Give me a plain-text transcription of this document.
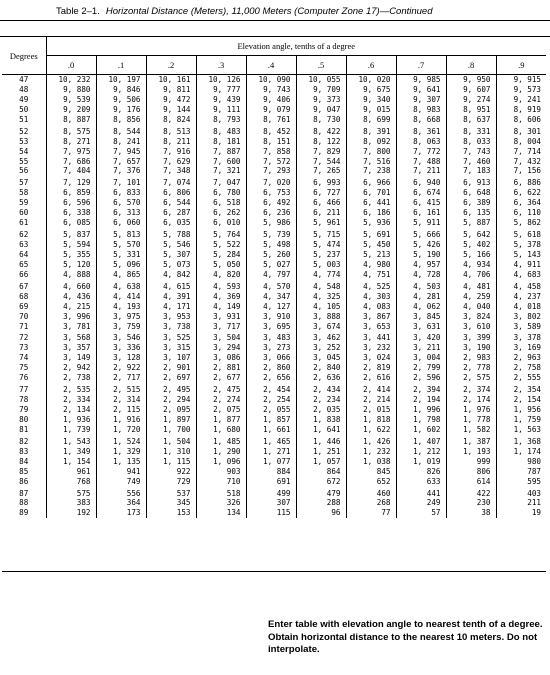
Table 2–1. Horizontal Distance (Meters), 11,000 Meters (Computer Zone 17)—Continued
Degrees	Elevation angle, tenths of a degree									
	.0	.1	.2	.3	.4	.5	.6	.7	.8	.9
47	10, 232	10, 197	10, 161	10, 126	10, 090	10, 055	10, 020	9, 985	9, 950	9, 915
48	9, 880	9, 846	9, 811	9, 777	9, 743	9, 709	9, 675	9, 641	9, 607	9, 573
49	9, 539	9, 506	9, 472	9, 439	9, 406	9, 373	9, 340	9, 307	9, 274	9, 241
50	9, 209	9, 176	9, 144	9, 111	9, 079	9, 047	9, 015	8, 983	8, 951	8, 919
51	8, 887	8, 856	8, 824	8, 793	8, 761	8, 730	8, 699	8, 668	8, 637	8, 606
52	8, 575	8, 544	8, 513	8, 483	8, 452	8, 422	8, 391	8, 361	8, 331	8, 301
53	8, 271	8, 241	8, 211	8, 181	8, 151	8, 122	8, 092	8, 063	8, 033	8, 004
54	7, 975	7, 945	7, 916	7, 887	7, 858	7, 829	7, 800	7, 772	7, 743	7, 714
55	7, 686	7, 657	7, 629	7, 600	7, 572	7, 544	7, 516	7, 488	7, 460	7, 432
56	7, 404	7, 376	7, 348	7, 321	7, 293	7, 265	7, 238	7, 211	7, 183	7, 156
57	7, 129	7, 101	7, 074	7, 047	7, 020	6, 993	6, 966	6, 940	6, 913	6, 886
58	6, 859	6, 833	6, 806	6, 780	6, 753	6, 727	6, 701	6, 674	6, 648	6, 622
59	6, 596	6, 570	6, 544	6, 518	6, 492	6, 466	6, 441	6, 415	6, 389	6, 364
60	6, 338	6, 313	6, 287	6, 262	6, 236	6, 211	6, 186	6, 161	6, 135	6, 110
61	6, 085	6, 060	6, 035	6, 010	5, 986	5, 961	5, 936	5, 911	5, 887	5, 862
62	5, 837	5, 813	5, 788	5, 764	5, 739	5, 715	5, 691	5, 666	5, 642	5, 618
63	5, 594	5, 570	5, 546	5, 522	5, 498	5, 474	5, 450	5, 426	5, 402	5, 378
64	5, 355	5, 331	5, 307	5, 284	5, 260	5, 237	5, 213	5, 190	5, 166	5, 143
65	5, 120	5, 096	5, 073	5, 050	5, 027	5, 003	4, 980	4, 957	4, 934	4, 911
66	4, 888	4, 865	4, 842	4, 820	4, 797	4, 774	4, 751	4, 728	4, 706	4, 683
67	4, 660	4, 638	4, 615	4, 593	4, 570	4, 548	4, 525	4, 503	4, 481	4, 458
68	4, 436	4, 414	4, 391	4, 369	4, 347	4, 325	4, 303	4, 281	4, 259	4, 237
69	4, 215	4, 193	4, 171	4, 149	4, 127	4, 105	4, 083	4, 062	4, 040	4, 018
70	3, 996	3, 975	3, 953	3, 931	3, 910	3, 888	3, 867	3, 845	3, 824	3, 802
71	3, 781	3, 759	3, 738	3, 717	3, 695	3, 674	3, 653	3, 631	3, 610	3, 589
72	3, 568	3, 546	3, 525	3, 504	3, 483	3, 462	3, 441	3, 420	3, 399	3, 378
73	3, 357	3, 336	3, 315	3, 294	3, 273	3, 252	3, 232	3, 211	3, 190	3, 169
74	3, 149	3, 128	3, 107	3, 086	3, 066	3, 045	3, 024	3, 004	2, 983	2, 963
75	2, 942	2, 922	2, 901	2, 881	2, 860	2, 840	2, 819	2, 799	2, 778	2, 758
76	2, 738	2, 717	2, 697	2, 677	2, 656	2, 636	2, 616	2, 596	2, 575	2, 555
77	2, 535	2, 515	2, 495	2, 475	2, 454	2, 434	2, 414	2, 394	2, 374	2, 354
78	2, 334	2, 314	2, 294	2, 274	2, 254	2, 234	2, 214	2, 194	2, 174	2, 154
79	2, 134	2, 115	2, 095	2, 075	2, 055	2, 035	2, 015	1, 996	1, 976	1, 956
80	1, 936	1, 916	1, 897	1, 877	1, 857	1, 838	1, 818	1, 798	1, 778	1, 759
81	1, 739	1, 720	1, 700	1, 680	1, 661	1, 641	1, 622	1, 602	1, 582	1, 563
82	1, 543	1, 524	1, 504	1, 485	1, 465	1, 446	1, 426	1, 407	1, 387	1, 368
83	1, 349	1, 329	1, 310	1, 290	1, 271	1, 251	1, 232	1, 212	1, 193	1, 174
84	1, 154	1, 135	1, 115	1, 096	1, 077	1, 057	1, 038	1, 019	999	980
85	961	941	922	903	884	864	845	826	806	787
86	768	749	729	710	691	672	652	633	614	595
87	575	556	537	518	499	479	460	441	422	403
88	383	364	345	326	307	288	268	249	230	211
89	192	173	153	134	115	96	77	57	38	19
Enter table with elevation angle to nearest tenth of a degree. Obtain horizontal distance to the nearest 10 meters. Do not interpolate.
